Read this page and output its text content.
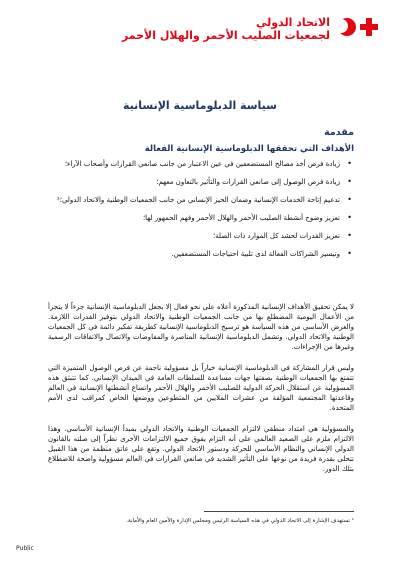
الاتحاد الدولي
لجمعيات الصليب الأحمر والهلال الأحمر
سياسة الدبلوماسية الإنسانية
مقدمة
الأهداف التي تحققها الدبلوماسية الإنسانية الفعالة
•
زيادة فرص أخذ مصالح المستضعفين في عين الاعتبار من جانب صانعي القرارات وأصحاب الآراء؛
•
زيادة فرص الوصول إلى صانعي القرارات والتأثير بالتعاون معهم؛
•
تدعيم إتاحة الخدمات الإنسانية وضمان الحيز الإنساني من جانب الجمعيات الوطنية والاتحاد الدولي؛¹
•
تعزيز وضوح أنشطة الصليب الأحمر والهلال الأحمر وفهم الجمهور لها؛
•
تعزيز القدرات لحشد كل الموارد ذات الصلة؛
•
وتيسير الشراكات الفعالة لدى تلبية احتياجات المستضعفين.

لا يمكن تحقيق الأهداف الإنسانية المذكورة أعلاه على نحو فعال إلا بجعل الدبلوماسية الإنسانية جزءاً لا يتجزأ من الأعمال اليومية المضطلع بها من جانب الجمعيات الوطنية والاتحاد الدولي بتوفير القدرات اللازمة. والغرض الأساسي من هذه السياسة هو ترسيخ الدبلوماسية الإنسانية كطريقة تفكير دائمة في كل الجمعيات الوطنية والاتحاد الدولي. وتشمل الدبلوماسية الإنسانية المناصرة والمفاوضات والاتصال والاتفاقات الرسمية وغيرها من الإجراءات.

وليس قرار المشاركة في الدبلوماسية الإنسانية خياراً بل مسؤولية ناجمة عن فرص الوصول المتميزة التي تتمتع بها الجمعيات الوطنية بصفتها جهات مساعدة للسلطات العامة في الميدان الإنساني. كما تتبثق هذه المسؤولية عن استقلال الحركة الدولية للصليب الأحمر والهلال الأحمر واتساع أنشطتها الإنسانية في العالم وقاعدتها المجتمعية المؤلفة من عشرات الملايين من المتطوعين ووضعها الخاص كمراقب لدى الأمم المتحدة.

والمسؤولية هي امتداد منطقي لالتزام الجمعيات الوطنية والاتحاد الدولي بمبدأ الإنسانية الأساسي. وهذا الالتزام ملزم على الصعيد العالمي على أنه التزام يفوق جميع الالتزامات الأخرى نظراً إلى صلته بالقانون الدولي الإنساني والنظام الأساسي للحركة ودستور الاتحاد الدولي. وتقع على عاتق منظمة من هذا القبيل تتحلى بقدرة فريدة من نوعها على التأثير الشديد في صانعي القرارات في العالم مسؤولية واضحة للاضطلاع بتلك الدور.

¹ تستهدف الإشارة إلى الاتحاد الدولي في هذه السياسة الرئيس ومجلس الإدارة والأمين العام والأمانة.
Public
